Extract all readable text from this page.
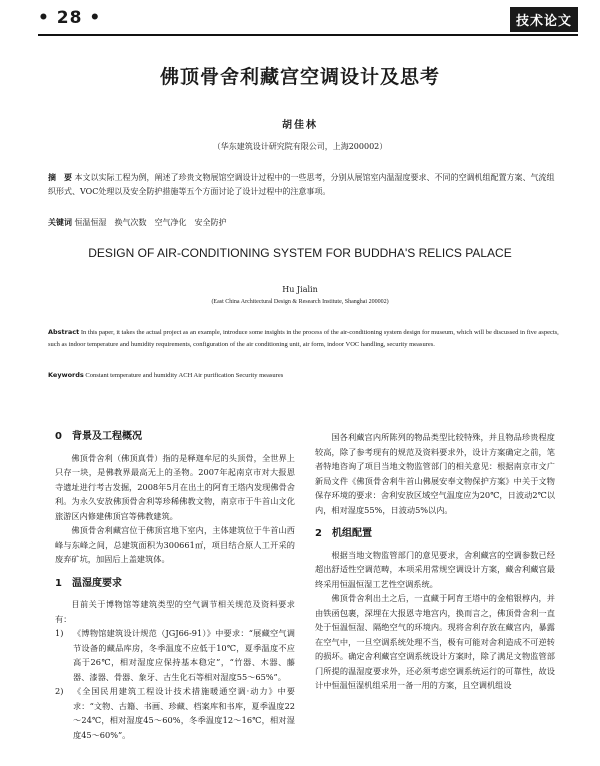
• 28 •	技术论文
佛顶骨舍利藏宫空调设计及思考
胡佳林
（华东建筑设计研究院有限公司，上海200002）
摘　要 本文以实际工程为例，阐述了珍贵文物展馆空调设计过程中的一些思考，分别从展馆室内温湿度要求、不同的空调机组配置方案、气流组织形式、VOC处理以及安全防护措施等五个方面讨论了设计过程中的注意事项。
关键词 恒温恒湿　换气次数　空气净化　安全防护
DESIGN OF AIR-CONDITIONING SYSTEM FOR BUDDHA'S RELICS PALACE
Hu Jialin
(East China Architectural Design & Research Institute, Shanghai 200002)
Abstract In this paper, it takes the actual project as an example, introduce some insights in the process of the air-conditioning system design for museum, which will be discussed in five aspects, such as indoor temperature and humidity requirements, configuration of the air conditioning unit, air form, indoor VOC handling, security measures.
Keywords Constant temperature and humidity ACH Air purification Security measures
0　背景及工程概况

佛顶骨舍利（佛顶真骨）指的是释迦牟尼的头顶骨，全世界上只存一块，是佛教界最高无上的圣物。2007年起南京市对大报恩寺遗址进行考古发掘，2008年5月在出土的阿育王塔内发现佛骨舍利。为永久安放佛顶骨舍利等珍稀佛教文物，南京市于牛首山文化旅游区内修建佛顶宫等佛教建筑。

佛顶骨舍利藏宫位于佛顶宫地下室内，主体建筑位于牛首山西峰与东峰之间，总建筑面积为300661㎡，项目结合原人工开采的废弃矿坑，加固后上盖建筑体。

1　温湿度要求

目前关于博物馆等建筑类型的空气调节相关规范及资料要求有：

1)	《博物馆建筑设计规范（JGJ66-91）》中要求：“展藏空气调节设备的藏品库房，冬季温度不应低于10℃，夏季温度不应高于26℃，相对湿度应保持基本稳定”，“竹器、木器、藤器、漆器、骨器、象牙、古生化石等相对湿度55～65%”。
2)	《全国民用建筑工程设计技术措施暖通空调·动力》中要求：“文物、古籍、书画、珍藏、档案库和书库，夏季温度22～24℃，相对湿度45～60%，冬季温度12～16℃，相对湿度45～60%”。

国各利藏宫内所陈列的物品类型比较特殊，并且物品珍贵程度较高，除了参考现有的规范及资料要求外，设计方案确定之前，笔者特地咨询了项目当地文物监管部门的相关意见：根据南京市文广新局文件《佛顶骨舍利牛首山佛展安奉文物保护方案》中关于文物保存环境的要求：舍利安放区域空气温度应为20℃，日波动2℃以内，相对湿度55%，日波动5%以内。

2　机组配置

根据当地文物监管部门的意见要求，舍利藏宫的空调参数已经超出舒适性空调范畴，本项采用常规空调设计方案，藏舍利藏宫最终采用恒温恒湿工艺性空调系统。

佛顶骨舍利出土之后，一直藏于阿育王塔中的金棺银椁内，并由铁函包裹，深埋在大报恩寺地宫内，换而言之，佛顶骨舍利一直处于恒温恒湿、隔绝空气的环境内。现将舍利存放在藏宫内，暴露在空气中，一旦空调系统处理不当，极有可能对舍利造成不可逆转的损坏。确定舍利藏宫空调系统设计方案时，除了满足文物监管部门所提的温湿度要求外，还必须考虑空调系统运行的可靠性，故设计中恒温恒湿机组采用一备一用的方案，且空调机组设
